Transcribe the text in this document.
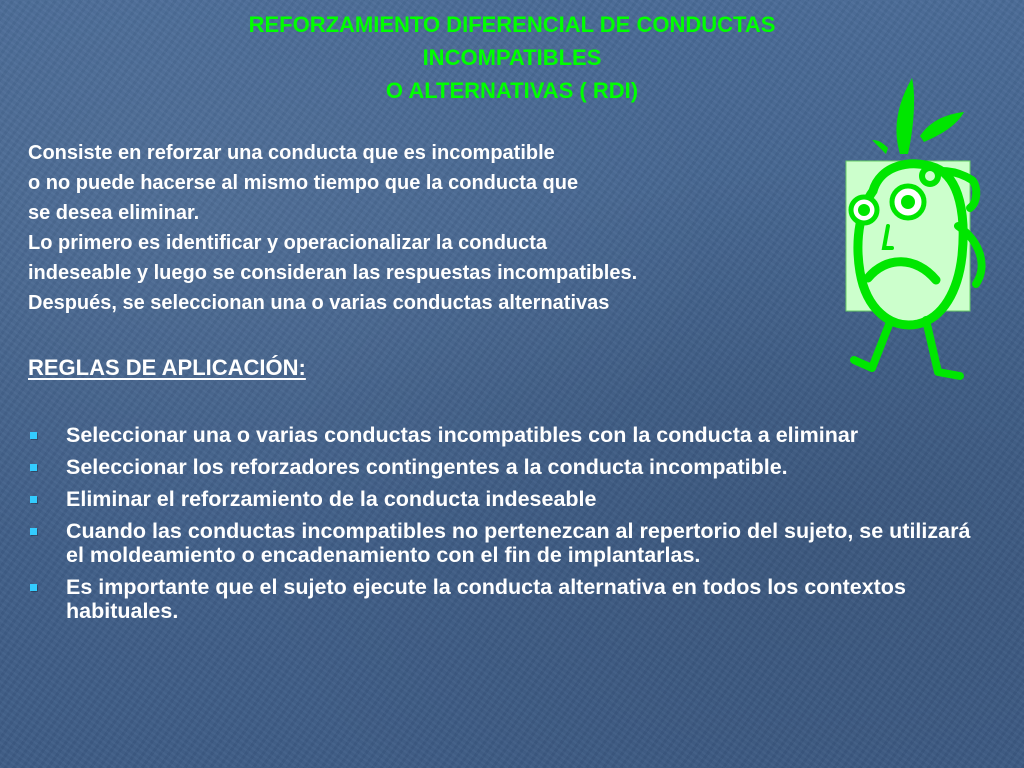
REFORZAMIENTO DIFERENCIAL DE CONDUCTAS
INCOMPATIBLES
O ALTERNATIVAS ( RDI)
Consiste en reforzar una conducta que es incompatible
o no puede hacerse al mismo tiempo que la conducta que
se desea eliminar.
Lo primero es identificar y operacionalizar la conducta
indeseable y luego se consideran las respuestas incompatibles.
Después, se seleccionan una o varias conductas alternativas
REGLAS DE APLICACIÓN:
Seleccionar una o varias conductas incompatibles con la conducta a eliminar
Seleccionar los reforzadores contingentes a la conducta incompatible.
Eliminar el reforzamiento de la conducta indeseable
Cuando las conductas incompatibles no pertenezcan al repertorio del sujeto, se utilizará el moldeamiento o encadenamiento con el fin de implantarlas.
Es importante que el sujeto ejecute la conducta alternativa en todos los contextos habituales.
